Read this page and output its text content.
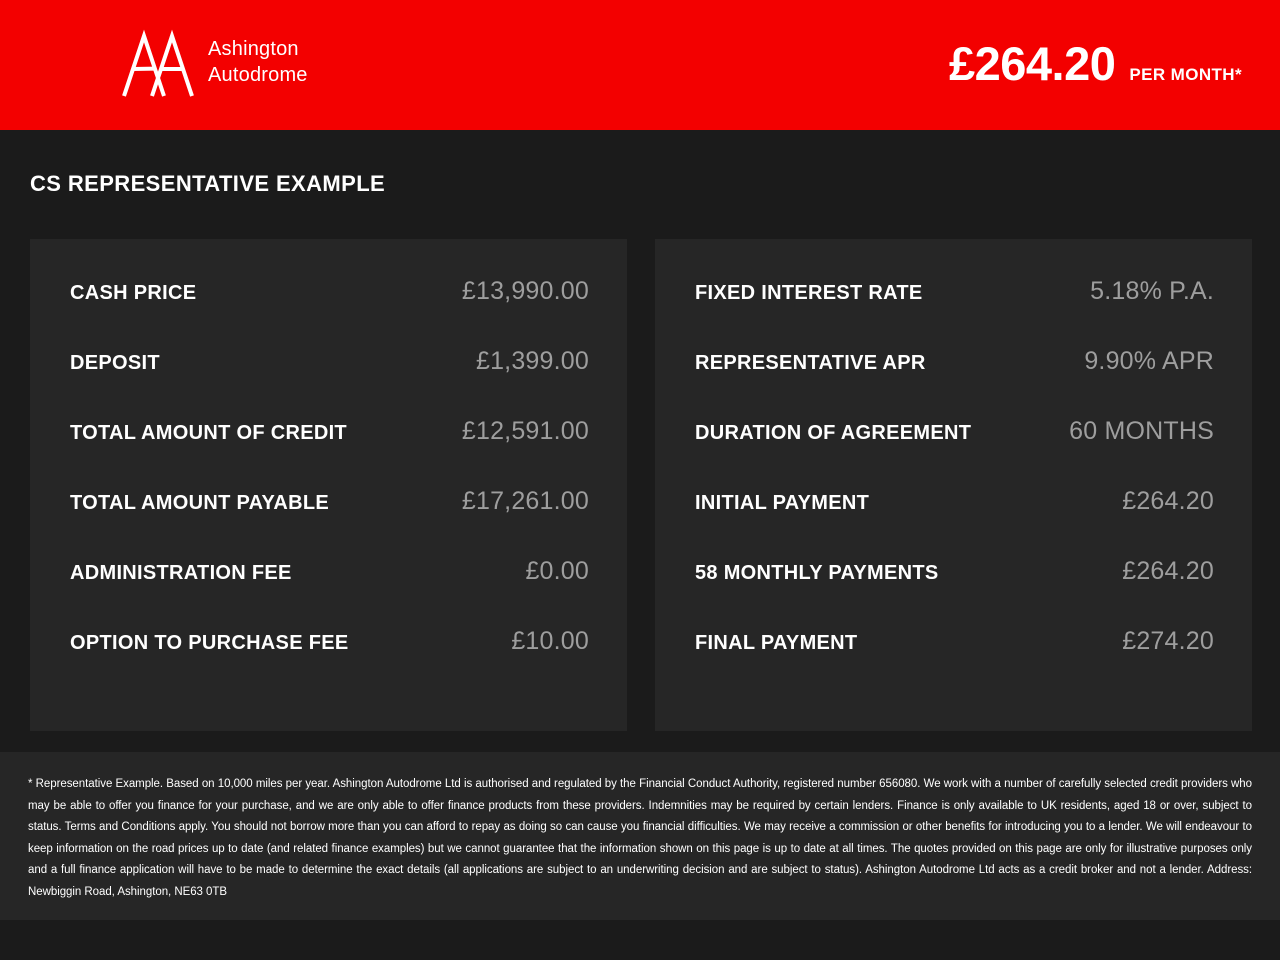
Ashington
Autodrome	£264.20 PER MONTH*
CS REPRESENTATIVE EXAMPLE
CASH PRICE	£13,990.00
DEPOSIT	£1,399.00
TOTAL AMOUNT OF CREDIT	£12,591.00
TOTAL AMOUNT PAYABLE	£17,261.00
ADMINISTRATION FEE	£0.00
OPTION TO PURCHASE FEE	£10.00
FIXED INTEREST RATE	5.18% P.A.
REPRESENTATIVE APR	9.90% APR
DURATION OF AGREEMENT	60 MONTHS
INITIAL PAYMENT	£264.20
58 MONTHLY PAYMENTS	£264.20
FINAL PAYMENT	£274.20

* Representative Example. Based on 10,000 miles per year. Ashington Autodrome Ltd is authorised and regulated by the Financial Conduct Authority, registered number 656080. We work with a number of carefully selected credit providers who may be able to offer you finance for your purchase, and we are only able to offer finance products from these providers. Indemnities may be required by certain lenders. Finance is only available to UK residents, aged 18 or over, subject to status. Terms and Conditions apply. You should not borrow more than you can afford to repay as doing so can cause you financial difficulties. We may receive a commission or other benefits for introducing you to a lender. We will endeavour to keep information on the road prices up to date (and related finance examples) but we cannot guarantee that the information shown on this page is up to date at all times. The quotes provided on this page are only for illustrative purposes only and a full finance application will have to be made to determine the exact details (all applications are subject to an underwriting decision and are subject to status). Ashington Autodrome Ltd acts as a credit broker and not a lender. Address: Newbiggin Road, Ashington, NE63 0TB
